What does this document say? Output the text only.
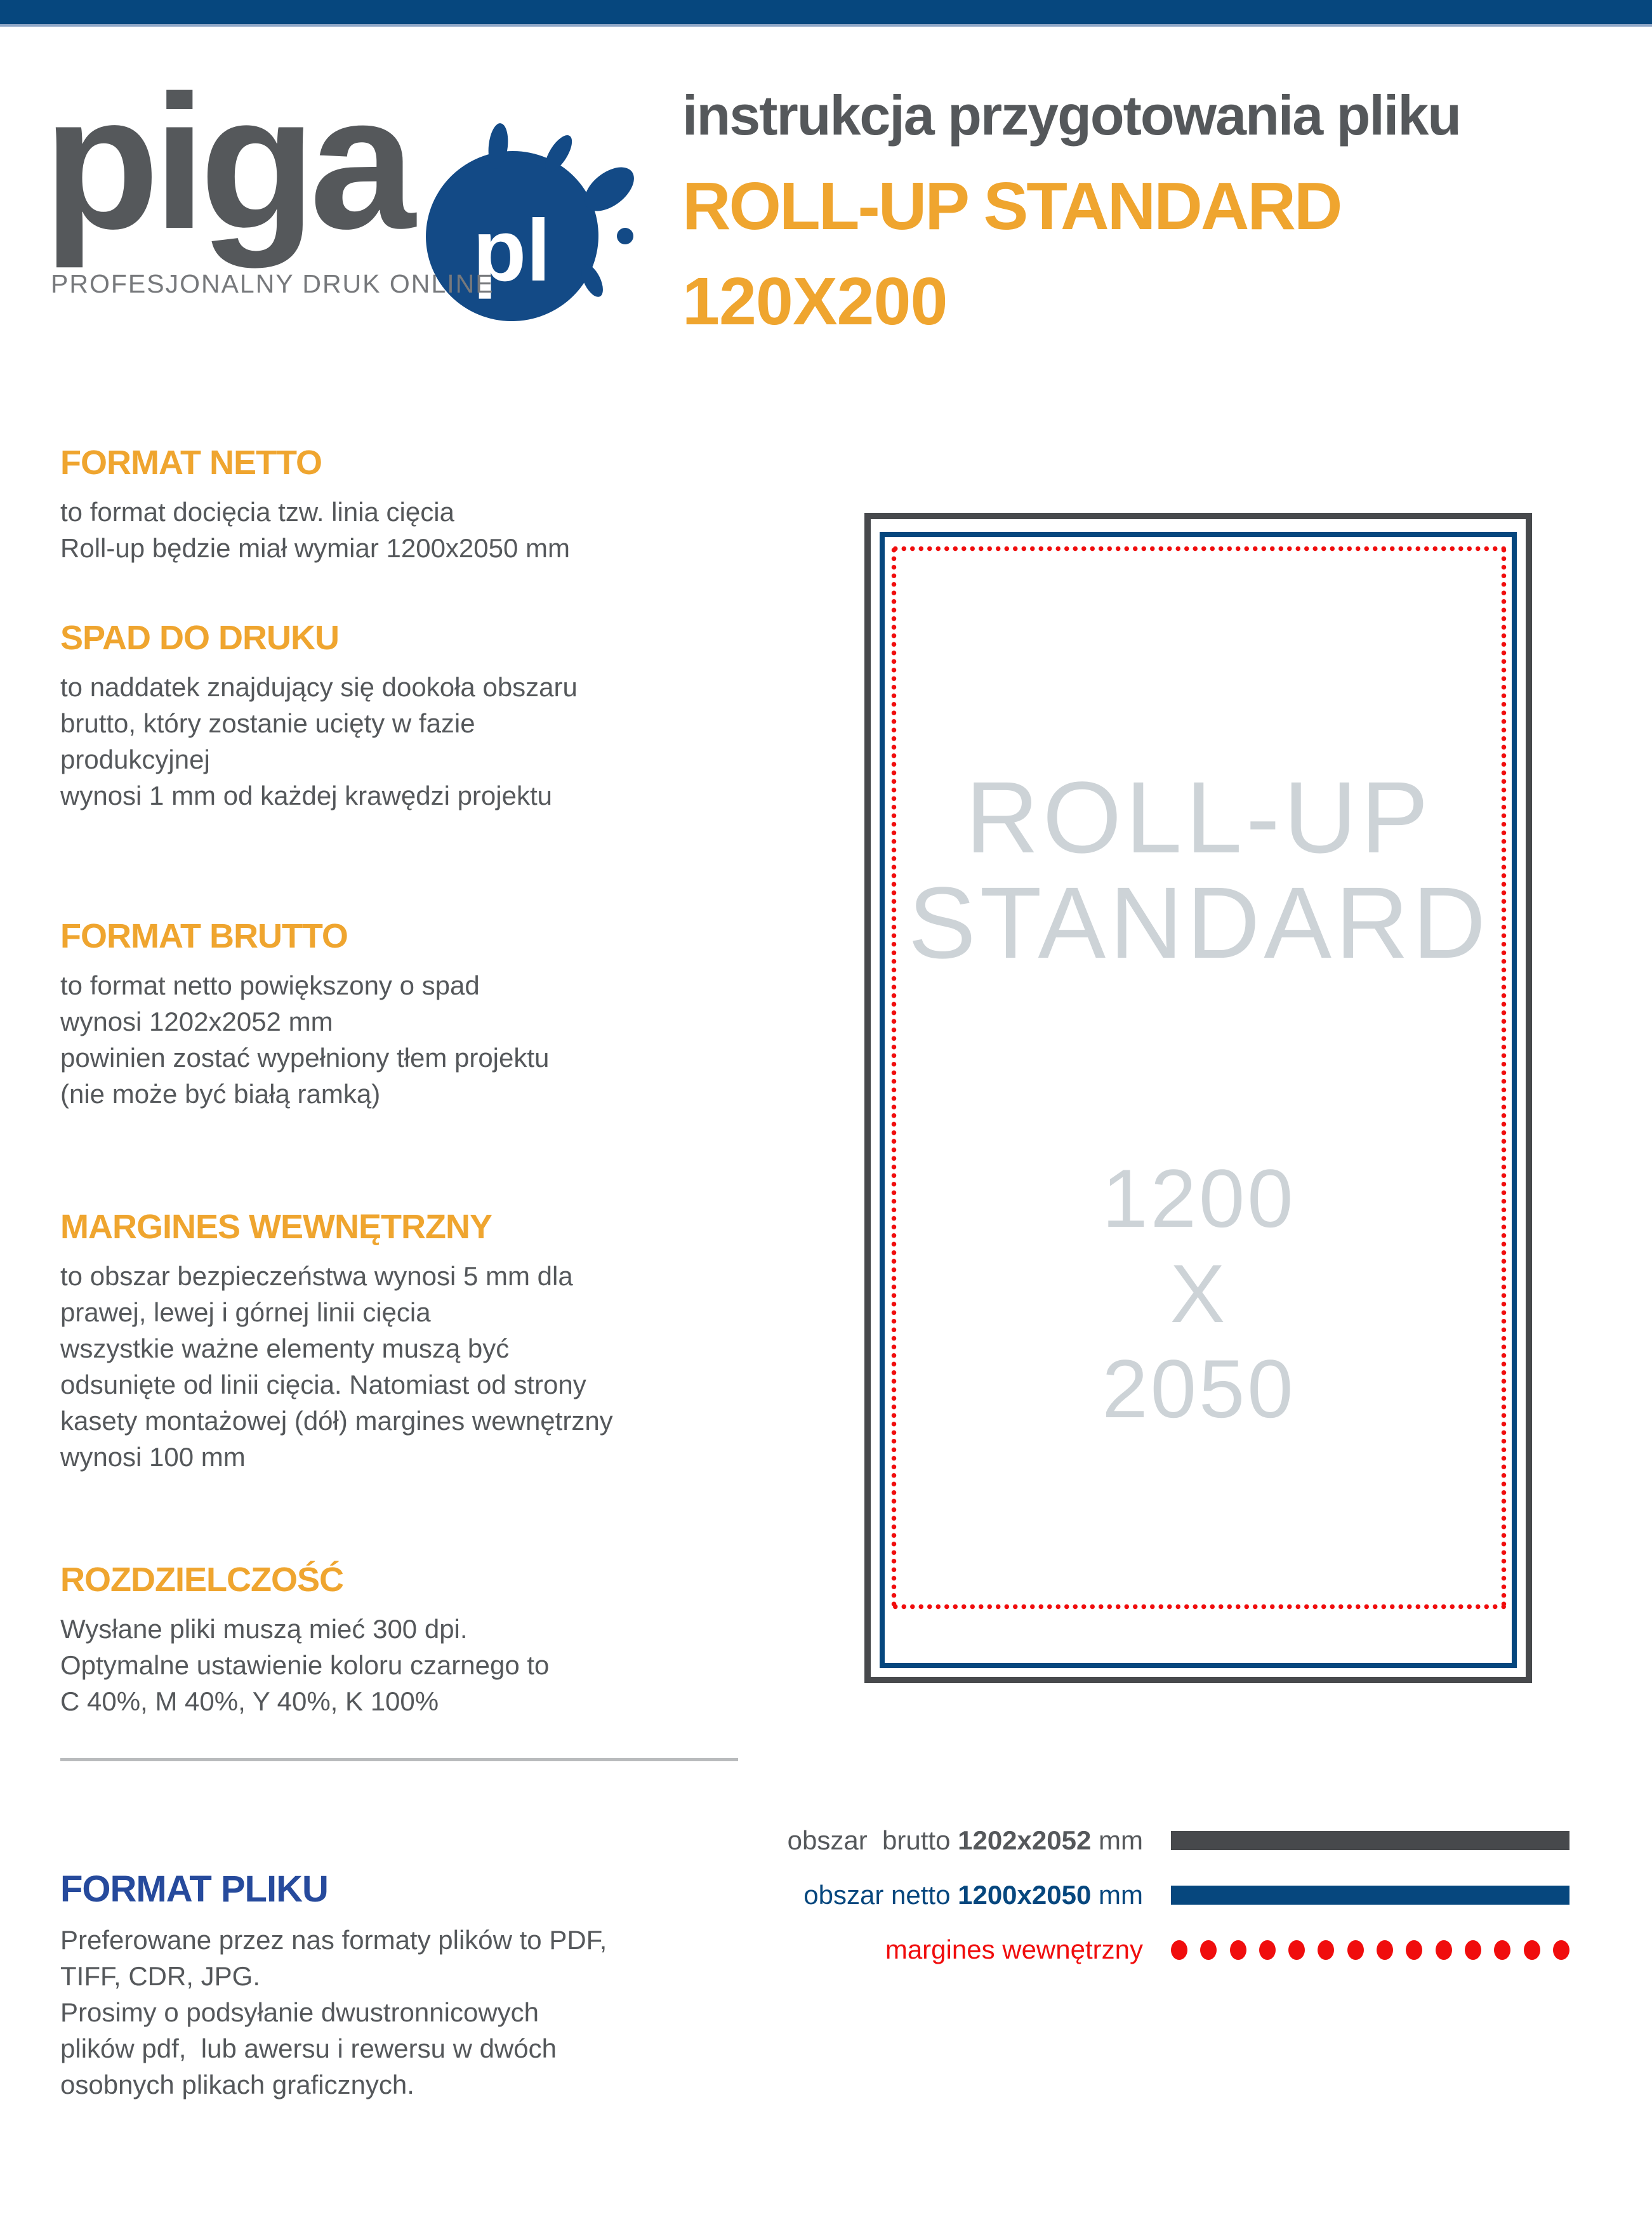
piga pl
PROFESJONALNY DRUK ONLINE
instrukcja przygotowania pliku
ROLL-UP STANDARD
120X200
FORMAT NETTO
to format docięcia tzw. linia cięcia
Roll-up będzie miał wymiar 1200x2050 mm
SPAD DO DRUKU
to naddatek znajdujący się dookoła obszaru
brutto, który zostanie ucięty w fazie
produkcyjnej
wynosi 1 mm od każdej krawędzi projektu
FORMAT BRUTTO
to format netto powiększony o spad
wynosi 1202x2052 mm
powinien zostać wypełniony tłem projektu
(nie może być białą ramką)
MARGINES WEWNĘTRZNY
to obszar bezpieczeństwa wynosi 5 mm dla
prawej, lewej i górnej linii cięcia
wszystkie ważne elementy muszą być
odsunięte od linii cięcia. Natomiast od strony
kasety montażowej (dół) margines wewnętrzny
wynosi 100 mm
ROZDZIELCZOŚĆ
Wysłane pliki muszą mieć 300 dpi.
Optymalne ustawienie koloru czarnego to
C 40%, M 40%, Y 40%, K 100%
FORMAT PLIKU
Preferowane przez nas formaty plików to PDF,
TIFF, CDR, JPG.
Prosimy o podsyłanie dwustronnicowych
plików pdf,  lub awersu i rewersu w dwóch
osobnych plikach graficznych.
ROLL-UP
STANDARD
1200
X
2050
obszar  brutto 1202x2052 mm
obszar netto 1200x2050 mm
margines wewnętrzny
